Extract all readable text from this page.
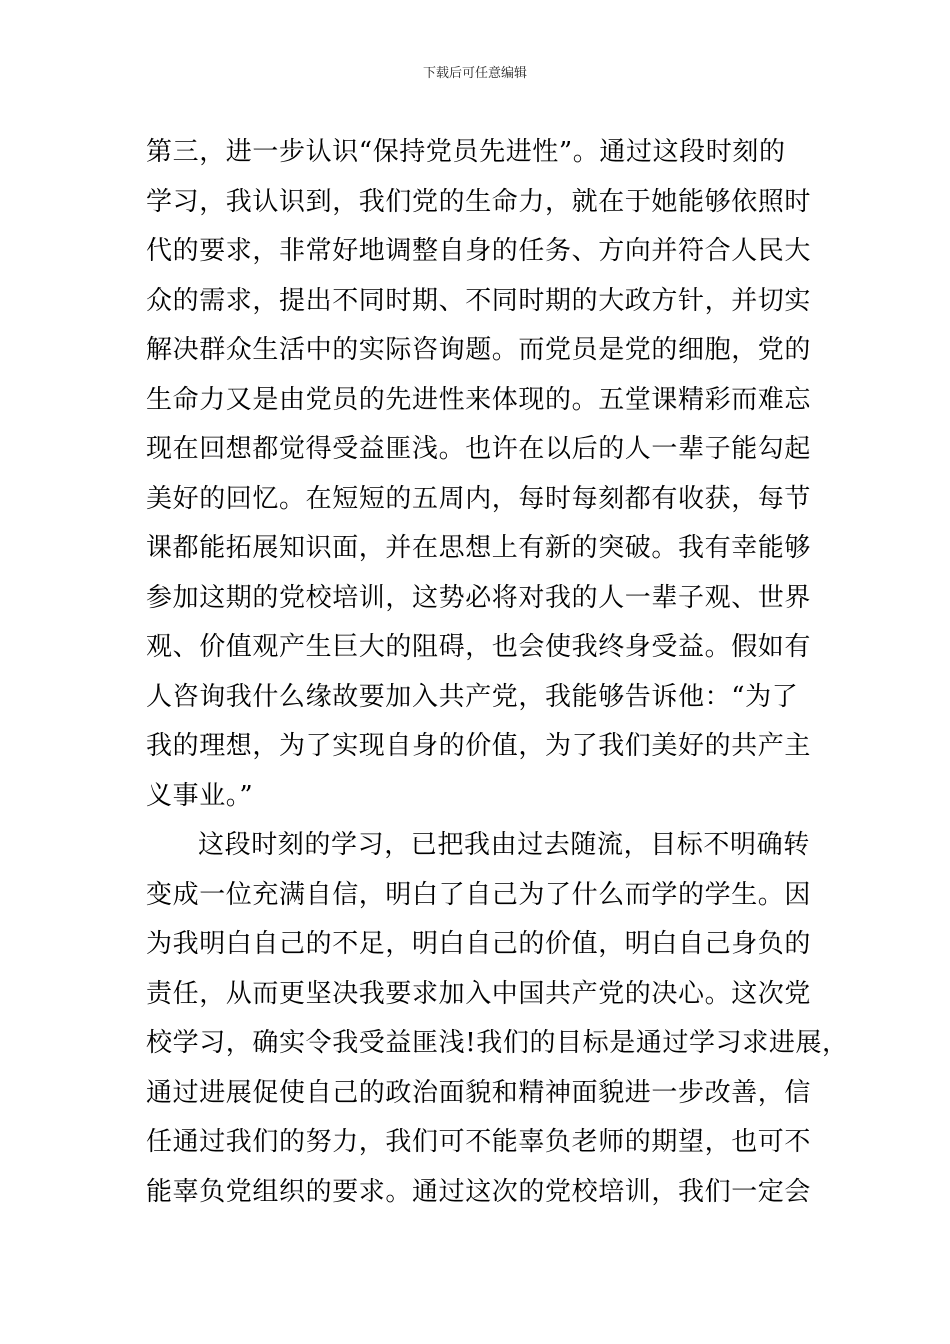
下载后可任意编辑
第三，进一步认识“保持党员先进性”。通过这段时刻的
学习，我认识到，我们党的生命力，就在于她能够依照时
代的要求，非常好地调整自身的任务、方向并符合人民大
众的需求，提出不同时期、不同时期的大政方针，并切实
解决群众生活中的实际咨询题。而党员是党的细胞，党的
生命力又是由党员的先进性来体现的。五堂课精彩而难忘
现在回想都觉得受益匪浅。也许在以后的人一辈子能勾起
美好的回忆。在短短的五周内，每时每刻都有收获，每节
课都能拓展知识面，并在思想上有新的突破。我有幸能够
参加这期的党校培训，这势必将对我的人一辈子观、世界
观、价值观产生巨大的阻碍，也会使我终身受益。假如有
人咨询我什么缘故要加入共产党，我能够告诉他：“为了
我的理想，为了实现自身的价值，为了我们美好的共产主
义事业。”
这段时刻的学习，已把我由过去随流，目标不明确转
变成一位充满自信，明白了自己为了什么而学的学生。因
为我明白自己的不足，明白自己的价值，明白自己身负的
责任，从而更坚决我要求加入中国共产党的决心。这次党
校学习，确实令我受益匪浅!我们的目标是通过学习求进展，
通过进展促使自己的政治面貌和精神面貌进一步改善，信
任通过我们的努力，我们可不能辜负老师的期望，也可不
能辜负党组织的要求。通过这次的党校培训，我们一定会
